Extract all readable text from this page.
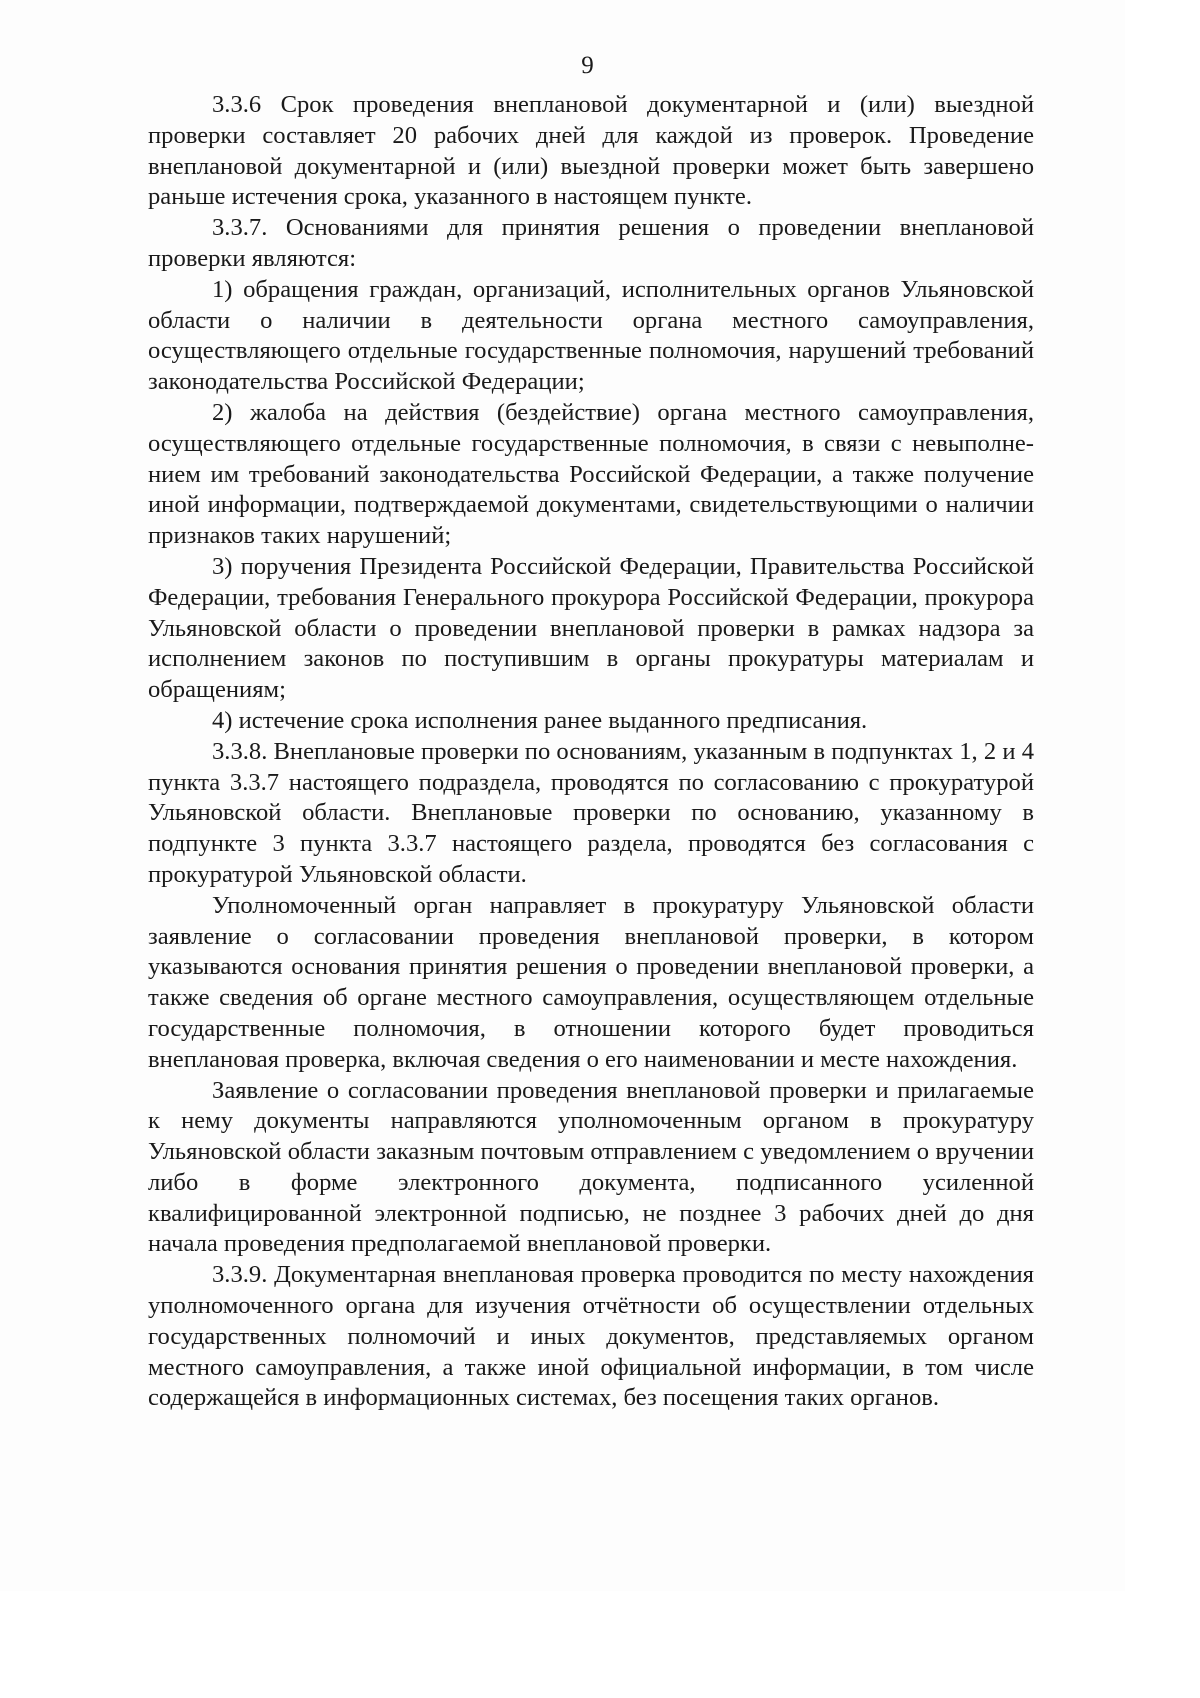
9

3.3.6 Срок проведения внеплановой документарной и (или) выездной проверки составляет 20 рабочих дней для каждой из проверок. Проведение внеплановой документарной и (или) выездной проверки может быть завершено раньше истечения срока, указанного в настоящем пункте.

3.3.7. Основаниями для принятия решения о проведении внеплановой проверки являются:

1) обращения граждан, организаций, исполнительных органов Ульяновской области о наличии в деятельности органа местного самоуправления, осуществляющего отдельные государственные полномочия, нарушений требований законодательства Российской Федерации;

2) жалоба на действия (бездействие) органа местного самоуправления, осуществляющего отдельные государственные полномочия, в связи с невыполнением им требований законодательства Российской Федерации, а также получение иной информации, подтверждаемой документами, свидетельствующими о наличии признаков таких нарушений;

3) поручения Президента Российской Федерации, Правительства Российской Федерации, требования Генерального прокурора Российской Федерации, прокурора Ульяновской области о проведении внеплановой проверки в рамках надзора за исполнением законов по поступившим в органы прокуратуры материалам и обращениям;

4) истечение срока исполнения ранее выданного предписания.

3.3.8. Внеплановые проверки по основаниям, указанным в подпунктах 1, 2 и 4 пункта 3.3.7 настоящего подраздела, проводятся по согласованию с прокуратурой Ульяновской области. Внеплановые проверки по основанию, указанному в подпункте 3 пункта 3.3.7 настоящего раздела, проводятся без согласования с прокуратурой Ульяновской области.

Уполномоченный орган направляет в прокуратуру Ульяновской области заявление о согласовании проведения внеплановой проверки, в котором указываются основания принятия решения о проведении внеплановой проверки, а также сведения об органе местного самоуправления, осуществляющем отдельные государственные полномочия, в отношении которого будет проводиться внеплановая проверка, включая сведения о его наименовании и месте нахождения.

Заявление о согласовании проведения внеплановой проверки и прилагаемые к нему документы направляются уполномоченным органом в прокуратуру Ульяновской области заказным почтовым отправлением с уведомлением о вручении либо в форме электронного документа, подписанного усиленной квалифицированной электронной подписью, не позднее 3 рабочих дней до дня начала проведения предполагаемой внеплановой проверки.

3.3.9. Документарная внеплановая проверка проводится по месту нахождения уполномоченного органа для изучения отчётности об осуществлении отдельных государственных полномочий и иных документов, представляемых органом местного самоуправления, а также иной официальной информации, в том числе содержащейся в информационных системах, без посещения таких органов.
